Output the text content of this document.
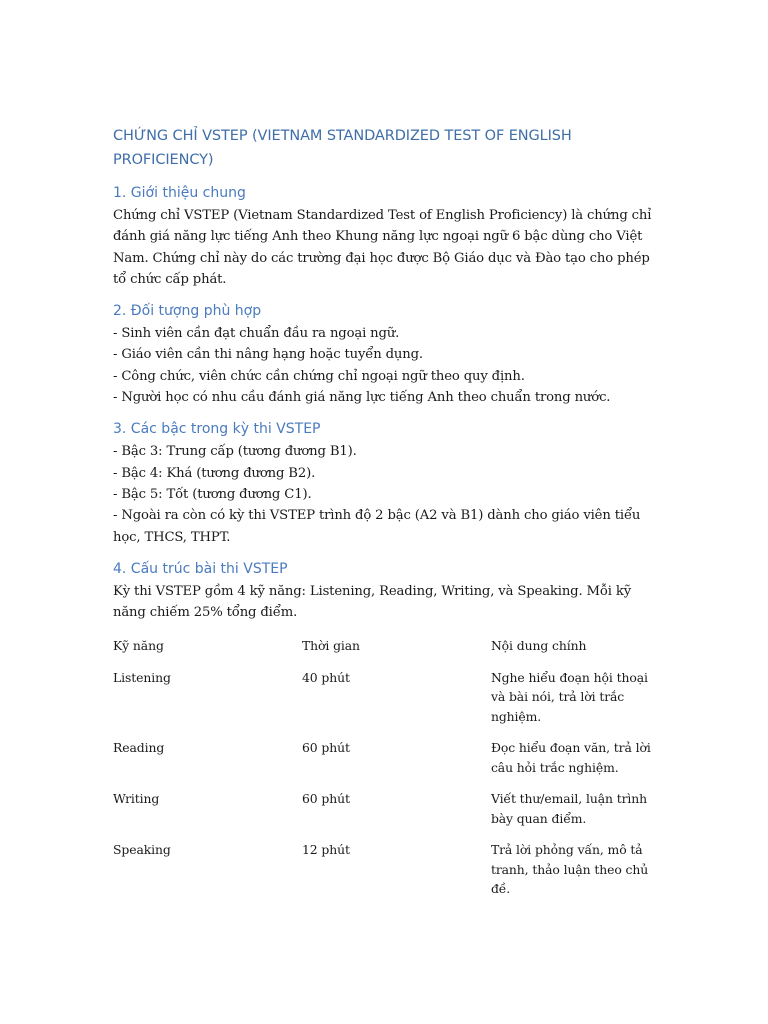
CHỨNG CHỈ VSTEP (VIETNAM STANDARDIZED TEST OF ENGLISH PROFICIENCY)
1. Giới thiệu chung

Chứng chỉ VSTEP (Vietnam Standardized Test of English Proficiency) là chứng chỉ đánh giá năng lực tiếng Anh theo Khung năng lực ngoại ngữ 6 bậc dùng cho Việt Nam. Chứng chỉ này do các trường đại học được Bộ Giáo dục và Đào tạo cho phép tổ chức cấp phát.

2. Đối tượng phù hợp
- Sinh viên cần đạt chuẩn đầu ra ngoại ngữ.
- Giáo viên cần thi nâng hạng hoặc tuyển dụng.
- Công chức, viên chức cần chứng chỉ ngoại ngữ theo quy định.
- Người học có nhu cầu đánh giá năng lực tiếng Anh theo chuẩn trong nước.
3. Các bậc trong kỳ thi VSTEP
- Bậc 3: Trung cấp (tương đương B1).
- Bậc 4: Khá (tương đương B2).
- Bậc 5: Tốt (tương đương C1).
- Ngoài ra còn có kỳ thi VSTEP trình độ 2 bậc (A2 và B1) dành cho giáo viên tiểu học, THCS, THPT.
4. Cấu trúc bài thi VSTEP

Kỳ thi VSTEP gồm 4 kỹ năng: Listening, Reading, Writing, và Speaking. Mỗi kỹ năng chiếm 25% tổng điểm.

Kỹ năng	Thời gian	Nội dung chính
Listening	40 phút	Nghe hiểu đoạn hội thoại và bài nói, trả lời trắc nghiệm.
Reading	60 phút	Đọc hiểu đoạn văn, trả lời câu hỏi trắc nghiệm.
Writing	60 phút	Viết thư/email, luận trình bày quan điểm.
Speaking	12 phút	Trả lời phỏng vấn, mô tả tranh, thảo luận theo chủ đề.
